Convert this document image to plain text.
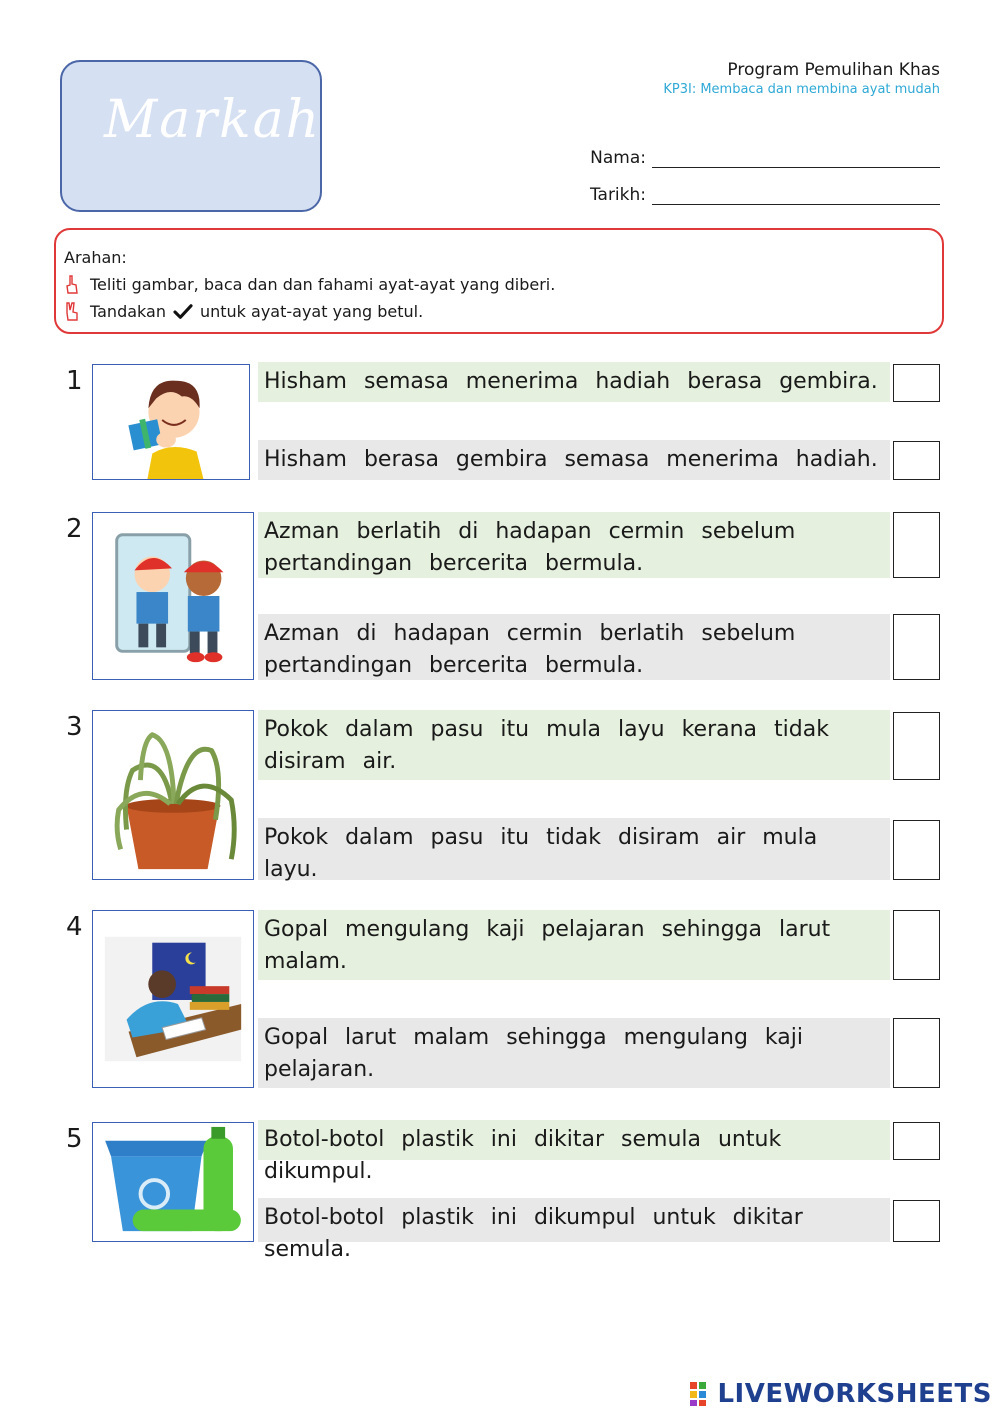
Markah
Program Pemulihan Khas
KP3I: Membaca dan membina ayat mudah
Nama:
Tarikh:
Arahan:
Teliti gambar, baca dan dan fahami ayat-ayat yang diberi.
Tandakan untuk ayat-ayat yang betul.
1	Hisham semasa menerima hadiah berasa gembira.
Hisham berasa gembira semasa menerima hadiah.
2	Azman berlatih di hadapan cermin sebelum pertandingan bercerita bermula.
Azman di hadapan cermin berlatih sebelum pertandingan bercerita bermula.
3	Pokok dalam pasu itu mula layu kerana tidak disiram air.
Pokok dalam pasu itu tidak disiram air mula layu.
4	Gopal mengulang kaji pelajaran sehingga larut malam.
Gopal larut malam sehingga mengulang kaji pelajaran.
5	Botol-botol plastik ini dikitar semula untuk dikumpul.
Botol-botol plastik ini dikumpul untuk dikitar semula.
LIVEWORKSHEETS
